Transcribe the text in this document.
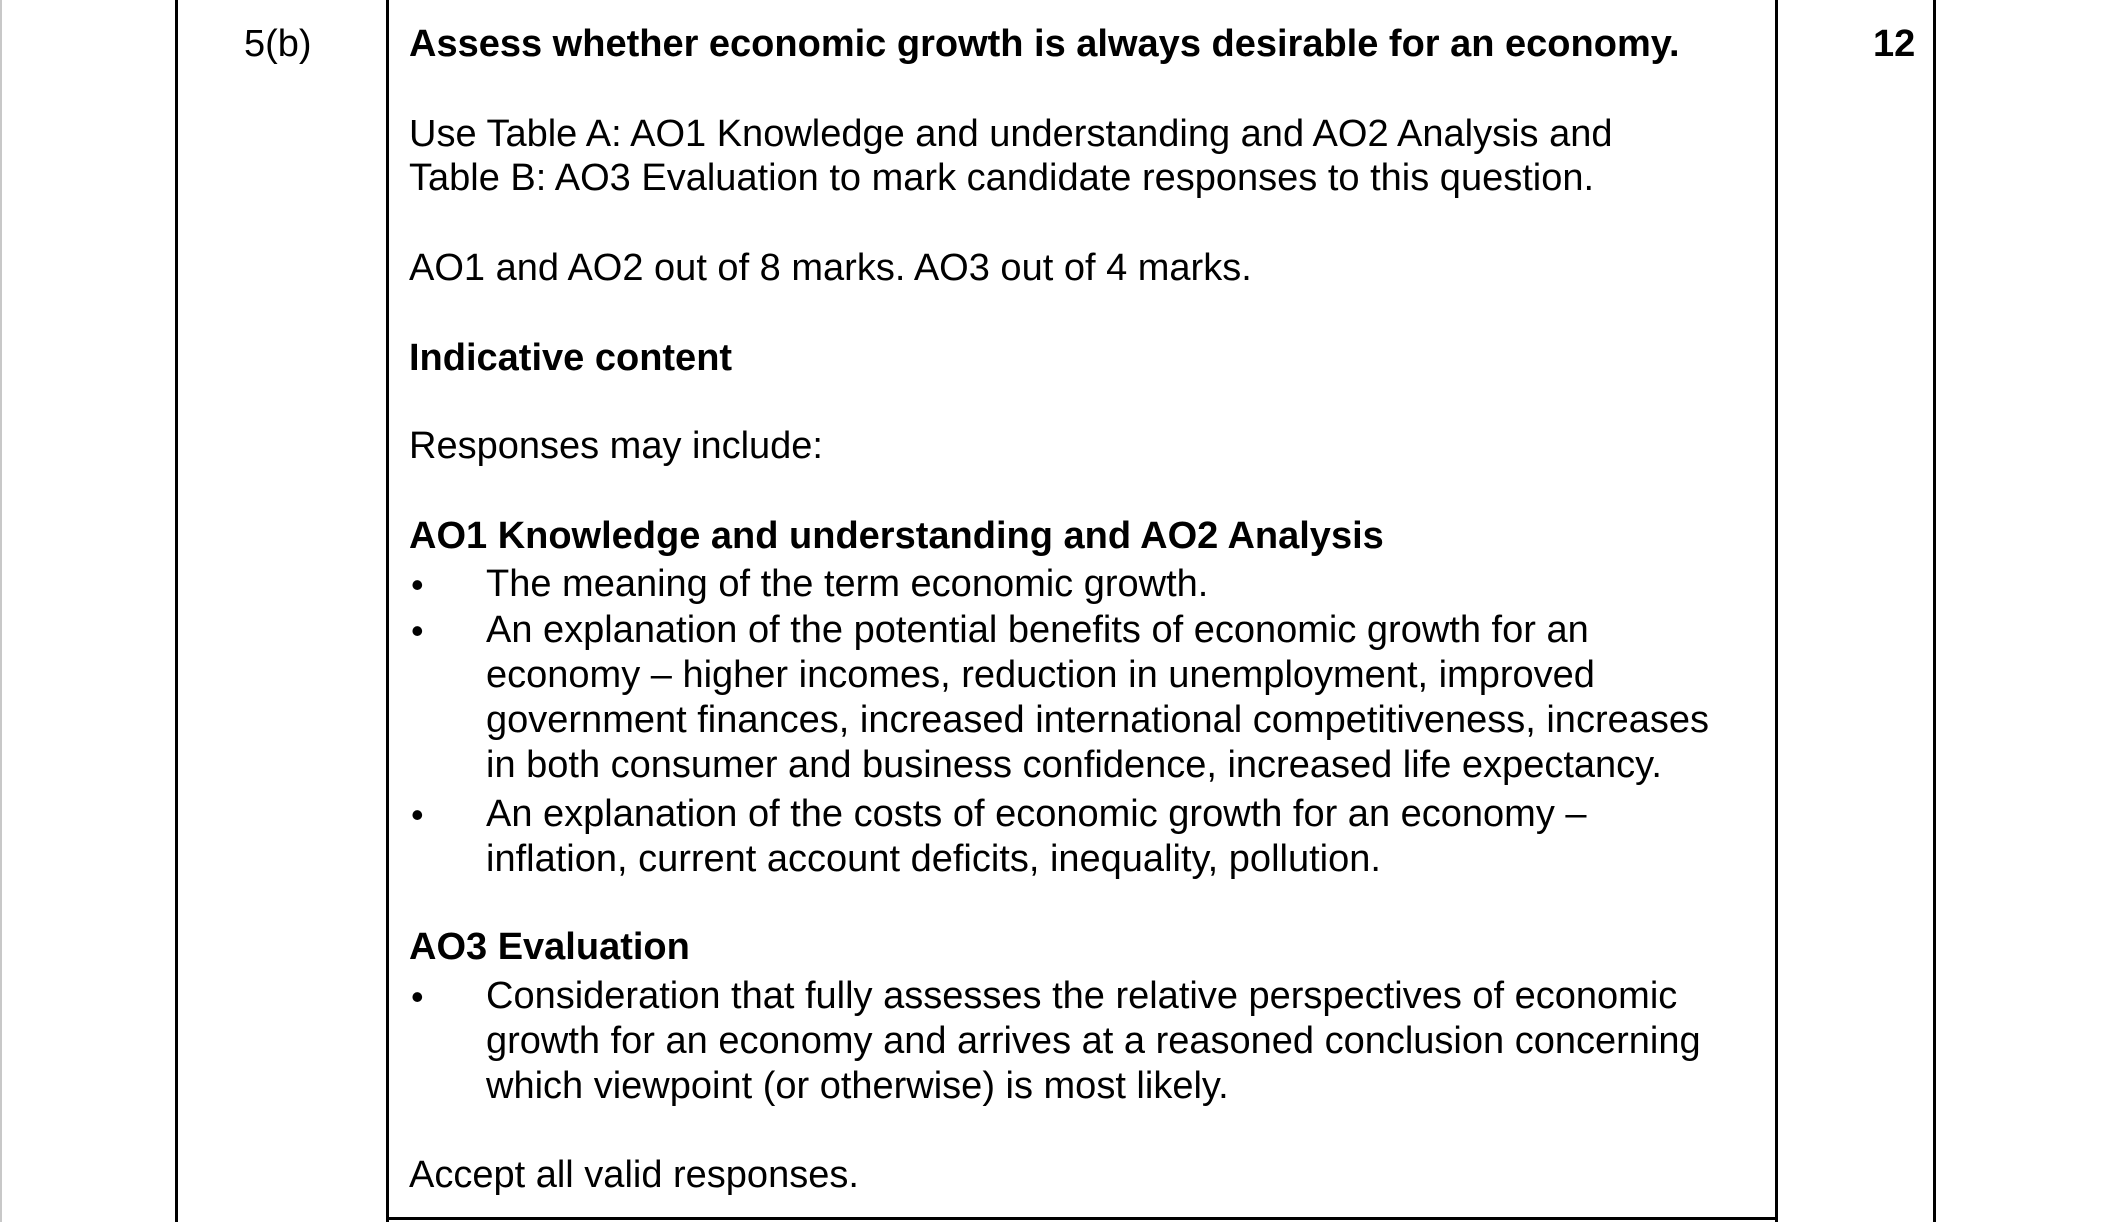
5(b)	12
Assess whether economic growth is always desirable for an economy.
Use Table A: AO1 Knowledge and understanding and AO2 Analysis and
Table B: AO3 Evaluation to mark candidate responses to this question.
AO1 and AO2 out of 8 marks. AO3 out of 4 marks.
Indicative content
Responses may include:
AO1 Knowledge and understanding and AO2 Analysis
• The meaning of the term economic growth.
• An explanation of the potential benefits of economic growth for an
economy – higher incomes, reduction in unemployment, improved
government finances, increased international competitiveness, increases
in both consumer and business confidence, increased life expectancy.
• An explanation of the costs of economic growth for an economy –
inflation, current account deficits, inequality, pollution.
AO3 Evaluation
• Consideration that fully assesses the relative perspectives of economic
growth for an economy and arrives at a reasoned conclusion concerning
which viewpoint (or otherwise) is most likely.
Accept all valid responses.
